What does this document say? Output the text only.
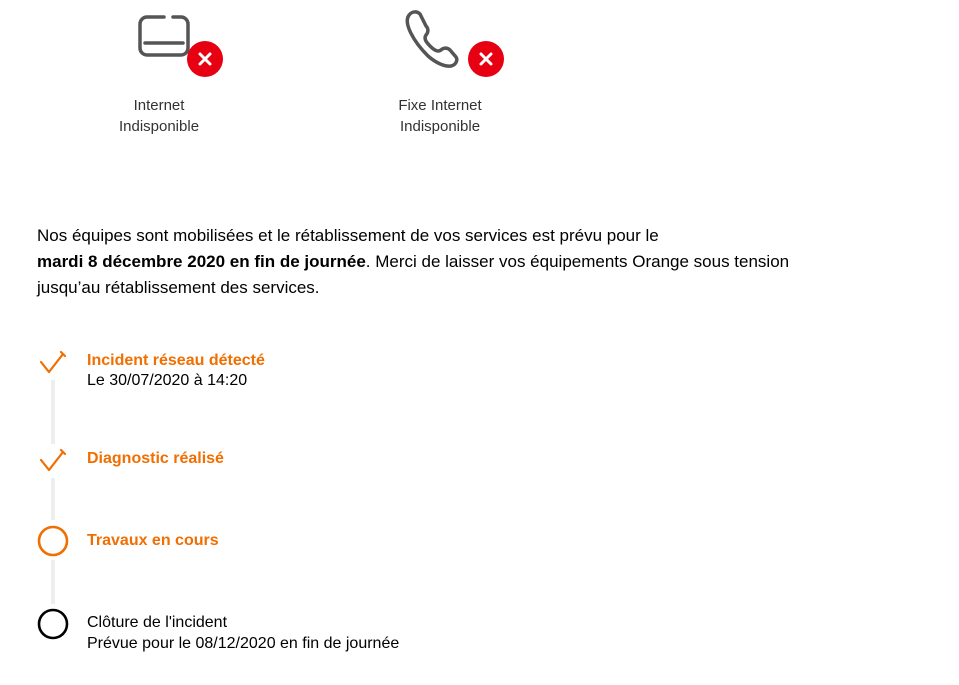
Internet
Indisponible
Fixe Internet
Indisponible
Nos équipes sont mobilisées et le rétablissement de vos services est prévu pour le
mardi 8 décembre 2020 en fin de journée. Merci de laisser vos équipements Orange sous tension
jusqu’au rétablissement des services.
Incident réseau détecté
Le 30/07/2020 à 14:20
Diagnostic réalisé
Travaux en cours
Clôture de l'incident
Prévue pour le 08/12/2020 en fin de journée
